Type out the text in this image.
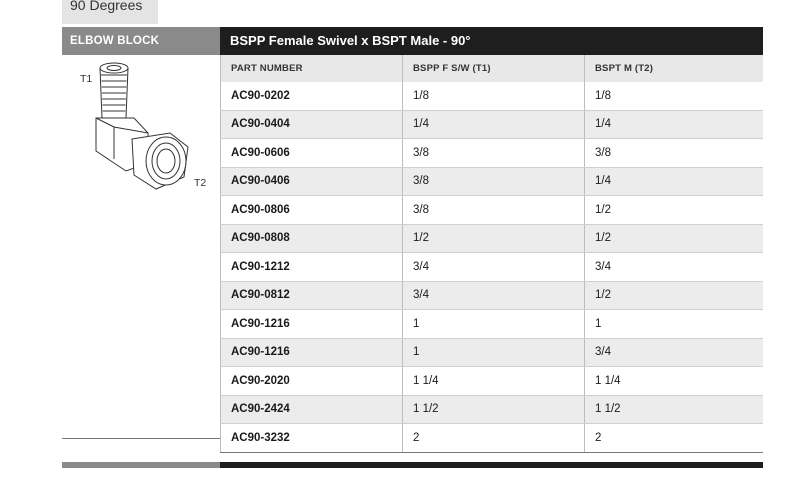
90 Degrees
ELBOW BLOCK	BSPP Female Swivel x BSPT Male - 90°
T1
T2
PART NUMBER	BSPP F S/W (T1)	BSPT M (T2)
AC90-0202	1/8	1/8
AC90-0404	1/4	1/4
AC90-0606	3/8	3/8
AC90-0406	3/8	1/4
AC90-0806	3/8	1/2
AC90-0808	1/2	1/2
AC90-1212	3/4	3/4
AC90-0812	3/4	1/2
AC90-1216	1	1
AC90-1216	1	3/4
AC90-2020	1 1/4	1 1/4
AC90-2424	1 1/2	1 1/2
AC90-3232	2	2
